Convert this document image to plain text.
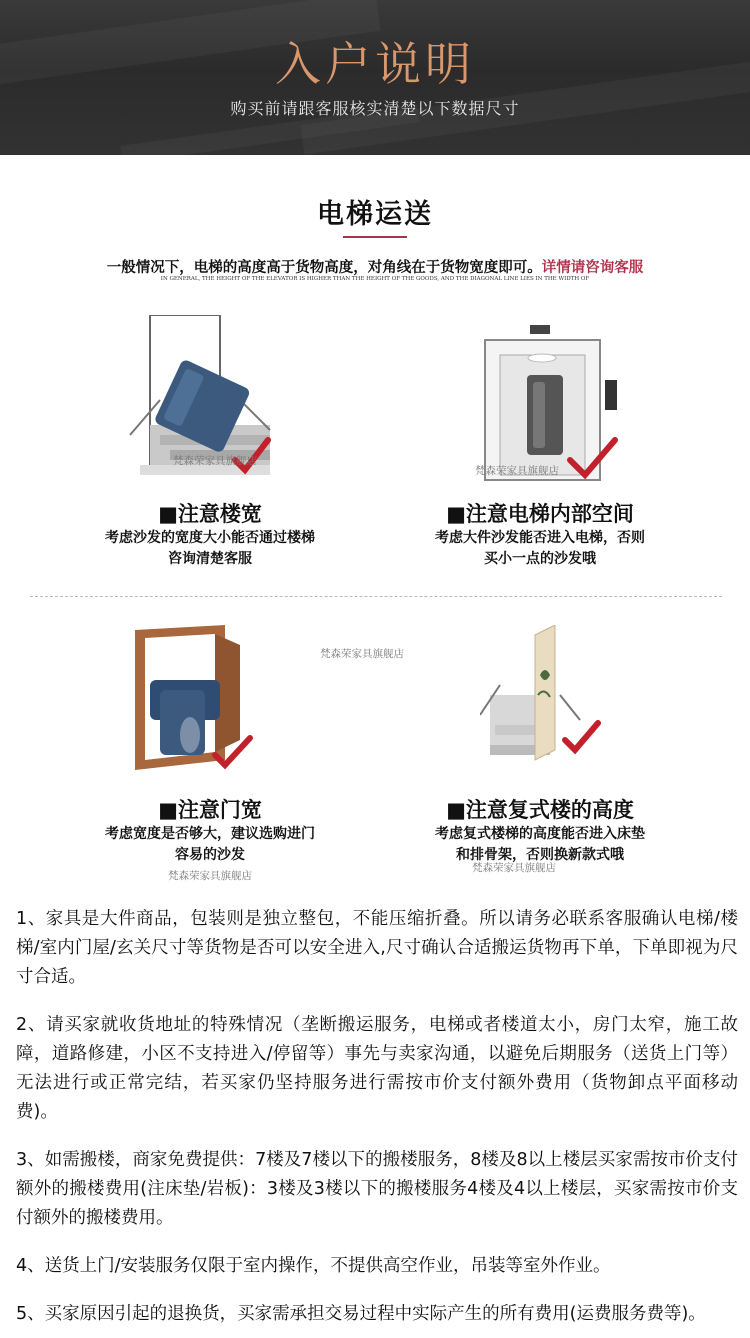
入户说明
购买前请跟客服核实清楚以下数据尺寸
电梯运送
一般情况下，电梯的高度高于货物高度，对角线在于货物宽度即可。详情请咨询客服
IN GENERAL, THE HEIGHT OF THE ELEVATOR IS HIGHER THAN THE HEIGHT OF THE GOODS, AND THE DIAGONAL LINE LIES IN THE WIDTH OF
梵森荣家具旗舰店
■注意楼宽
考虑沙发的宽度大小能否通过楼梯
咨询清楚客服
梵森荣家具旗舰店
■注意电梯内部空间
考虑大件沙发能否进入电梯，否则
买小一点的沙发哦
梵森荣家具旗舰店
■注意门宽
考虑宽度是否够大，建议选购进门
容易的沙发
梵森荣家具旗舰店
■注意复式楼的高度
考虑复式楼梯的高度能否进入床垫
和排骨架，否则换新款式哦
梵森荣家具旗舰店

1、家具是大件商品，包装则是独立整包，不能压缩折叠。所以请务必联系客服确认电梯/楼梯/室内门屋/玄关尺寸等货物是否可以安全进入,尺寸确认合适搬运货物再下单，下单即视为尺寸合适。

2、请买家就收货地址的特殊情况（垄断搬运服务，电梯或者楼道太小，房门太窄，施工故障，道路修建，小区不支持进入/停留等）事先与卖家沟通，以避免后期服务（送货上门等）无法进行或正常完结，若买家仍坚持服务进行需按市价支付额外费用（货物卸点平面移动费)。

3、如需搬楼，商家免费提供：7楼及7楼以下的搬楼服务，8楼及8以上楼层买家需按市价支付额外的搬楼费用(注床垫/岩板)：3楼及3楼以下的搬楼服务4楼及4以上楼层，买家需按市价支付额外的搬楼费用。

4、送货上门/安装服务仅限于室内操作，不提供高空作业，吊装等室外作业。

5、买家原因引起的退换货，买家需承担交易过程中实际产生的所有费用(运费服务费等)。
